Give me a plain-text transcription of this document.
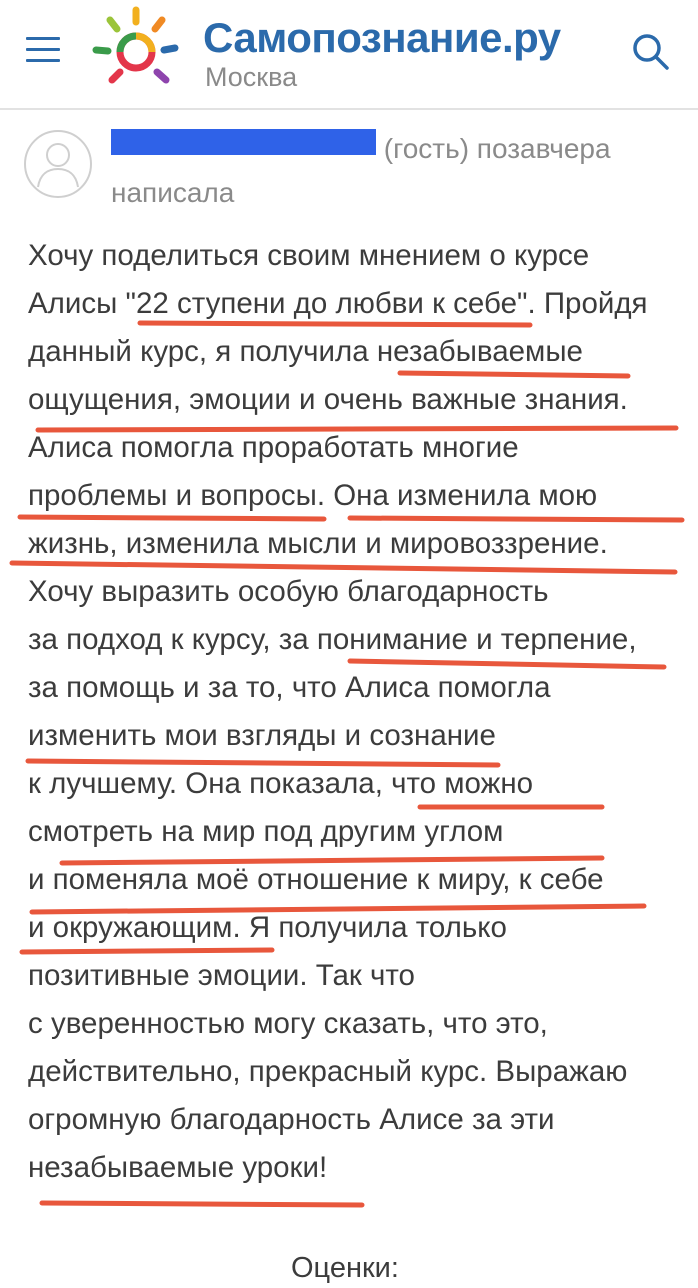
Самопознание.ру
Москва
(гость) позавчера
написала
Хочу поделиться своим мнением о курсе
Алисы "22 ступени до любви к себе". Пройдя
данный курс, я получила незабываемые
ощущения, эмоции и очень важные знания.
Алиса помогла проработать многие
проблемы и вопросы. Она изменила мою
жизнь, изменила мысли и мировоззрение.
Хочу выразить особую благодарность
за подход к курсу, за понимание и терпение,
за помощь и за то, что Алиса помогла
изменить мои взгляды и сознание
к лучшему. Она показала, что можно
смотреть на мир под другим углом
и поменяла моё отношение к миру, к себе
и окружающим. Я получила только
позитивные эмоции. Так что
с уверенностью могу сказать, что это,
действительно, прекрасный курс. Выражаю
огромную благодарность Алисе за эти
незабываемые уроки!
Оценки:
